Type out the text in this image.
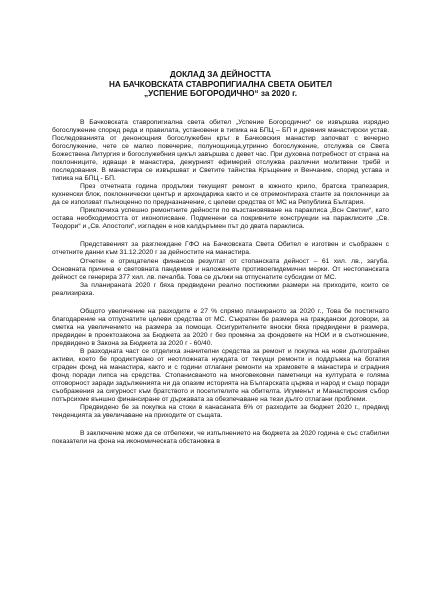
ДОКЛАД ЗА ДЕЙНОСТТА

НА БАЧКОВСКАТА СТАВРОПИГИАЛНА СВЕТА ОБИТЕЛ

„УСПЕНИЕ БОГОРОДИЧНО“ за 2020 г.

В Бачковската ставропигиална света обител „Успение Богородично“ се извършва изрядно богослужение според реда и правилата, установени в типика на БПЦ – БП и древния манастирски устав. Последованията от денонощния богослужебен кръг в Бачковския манастир започват с вечерно богослужение, чете се малко повечерие, полунощница,утринно богослужение, отслужва се Света Божествена Литургия и богослужебния цикъл завършва с девет час. При духовна потребност от страна на поклонниците, идващи в манастира, дежурният ефимерий отслужва различни молитвени требй и последования. В манастира се извършват и Светите тайнства Кръщение и Венчание, според устава и типика на БПЦ - БП.

През отчетната година продължи текущият ремонт в южното крило, братска трапезария, кухненски блок, поклоннически център и архондарика както и се отремонтираха стаите за поклонници за да се използват пълноценно по предназначение, с целеви средства от МС на Република България.

Приключиха успешно ремонтните дейности по възстановяване на параклиса „Всн Светии“, като остава необходимостта от иконописване. Подменени са покривните конструкции на параклисите „Св. Теодори“ и „Св. Апостоли“, изгладен е нов калдъръмен път до двата параклиса.

Представеният за разглеждане ГФО на Бачковската Света Обител е изготвен и съобразен с отчетните данни към 31.12.2020 г за дейностите на манастира.

Отчетен е отрицателен финансов резултат от стопанската дейност – 61 хил. лв., загуба. Основната причина е световната пандемия и наложените противоепидемични мерки. От нестопанската дейност се генерира 377 хил. лв. печалба. Това се дължи на отпуснатите субсидии от МС.

За планираната 2020 г бяха предвидени реално постижими размери на приходите, които се реализираха.

Общото увеличение на разходите е 27 % спрямо планираното за 2020 г., Това бе постигнато благодарение на отпуснатите целеви средства от МС. Съкратен бе размера на граждански договори, за сметка на увеличението на размера за помощи. Осигурителните вноски бяха предвидени в размера, предвиден в проектозакона за Бюджета за 2020 г без промяна за фондовете на НОИ и в съотношение, предвидено в Закона за Бюджета за 2020 г - 60/40.

В разходната част се отделиха значителни средства за ремонт и покупка на нови дълготрайни активи, което бе продиктувано от неотложната нуждата от текущи ремонти и поддръжка на богатия сграден фонд на манастира, както и с години отлагани ремонти на храмовете в манастира и сградния фонд поради липса на средства. Стопанисваното на многовековни паметници на културата е голяма отговорност заради задълженията ни да опазим историята на Българската църква и народ и също поради съображения за сигурност към братството и посетителите на обителта. Игуменът и Манастирския събор потърсихме външно финансиране от държавата за обезпечаване на тези дълго отлагани проблеми.

Предвидено бе за покупка на стоки в канасаната 6% от разходите за бюджет 2020 г., предвид тенденцията за увеличаване на приходите от същата.

В заключение може да се отбележи, че изпълнението на бюджета за 2020 година е със стабилни показатели на фона на икономическата обстановка в
